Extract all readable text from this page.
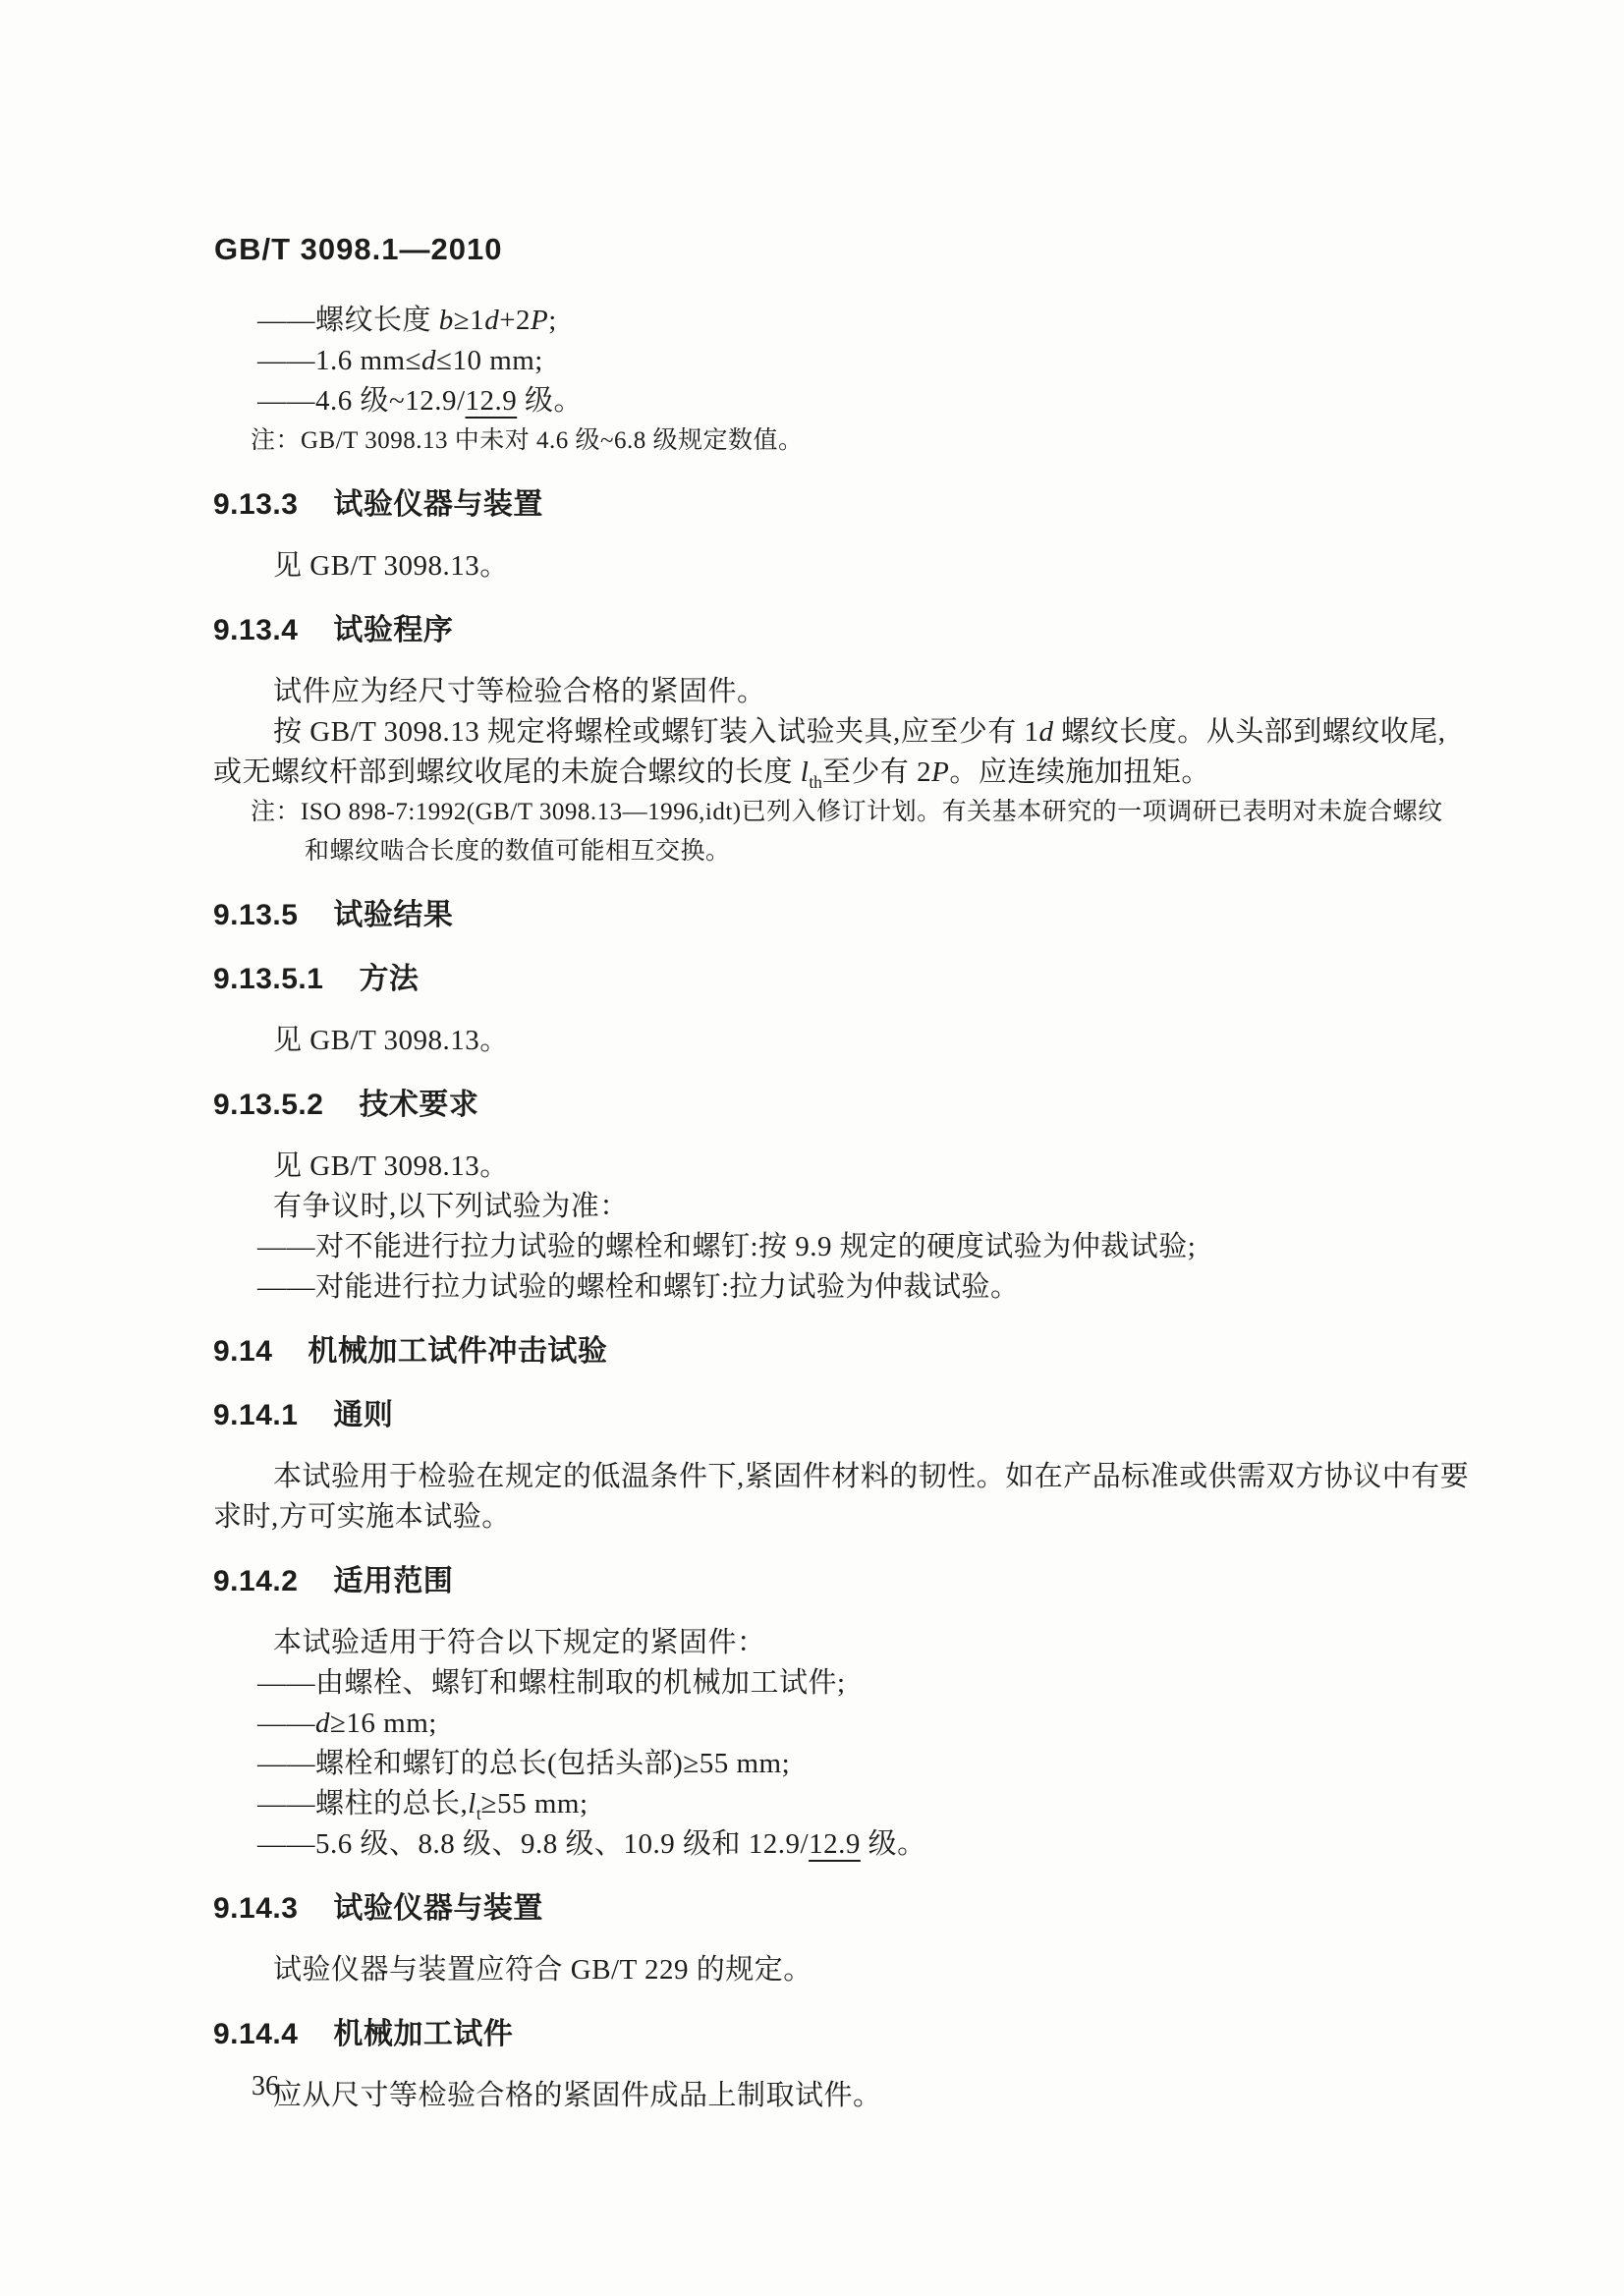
GB/T 3098.1—2010
——螺纹长度 b≥1d+2P;
——1.6 mm≤d≤10 mm;
——4.6 级~12.9/12.9 级。
注：GB/T 3098.13 中未对 4.6 级~6.8 级规定数值。
9.13.3 试验仪器与装置
见 GB/T 3098.13。
9.13.4 试验程序
试件应为经尺寸等检验合格的紧固件。
按 GB/T 3098.13 规定将螺栓或螺钉装入试验夹具,应至少有 1d 螺纹长度。从头部到螺纹收尾,
或无螺纹杆部到螺纹收尾的未旋合螺纹的长度 $l_{th}$至少有 2P。应连续施加扭矩。
注：ISO 898-7:1992(GB/T 3098.13—1996,idt)已列入修订计划。有关基本研究的一项调研已表明对未旋合螺纹
和螺纹啮合长度的数值可能相互交换。
9.13.5 试验结果
9.13.5.1 方法
见 GB/T 3098.13。
9.13.5.2 技术要求
见 GB/T 3098.13。
有争议时,以下列试验为准：
——对不能进行拉力试验的螺栓和螺钉:按 9.9 规定的硬度试验为仲裁试验;
——对能进行拉力试验的螺栓和螺钉:拉力试验为仲裁试验。
9.14 机械加工试件冲击试验
9.14.1 通则
本试验用于检验在规定的低温条件下,紧固件材料的韧性。如在产品标准或供需双方协议中有要
求时,方可实施本试验。
9.14.2 适用范围
本试验适用于符合以下规定的紧固件：
——由螺栓、螺钉和螺柱制取的机械加工试件;
——d≥16 mm;
——螺栓和螺钉的总长(包括头部)≥55 mm;
——螺柱的总长$,l_t\ge 55$ mm;
——5.6 级、8.8 级、9.8 级、10.9 级和 12.9/12.9 级。
9.14.3 试验仪器与装置
试验仪器与装置应符合 GB/T 229 的规定。
9.14.4 机械加工试件
应从尺寸等检验合格的紧固件成品上制取试件。
36
